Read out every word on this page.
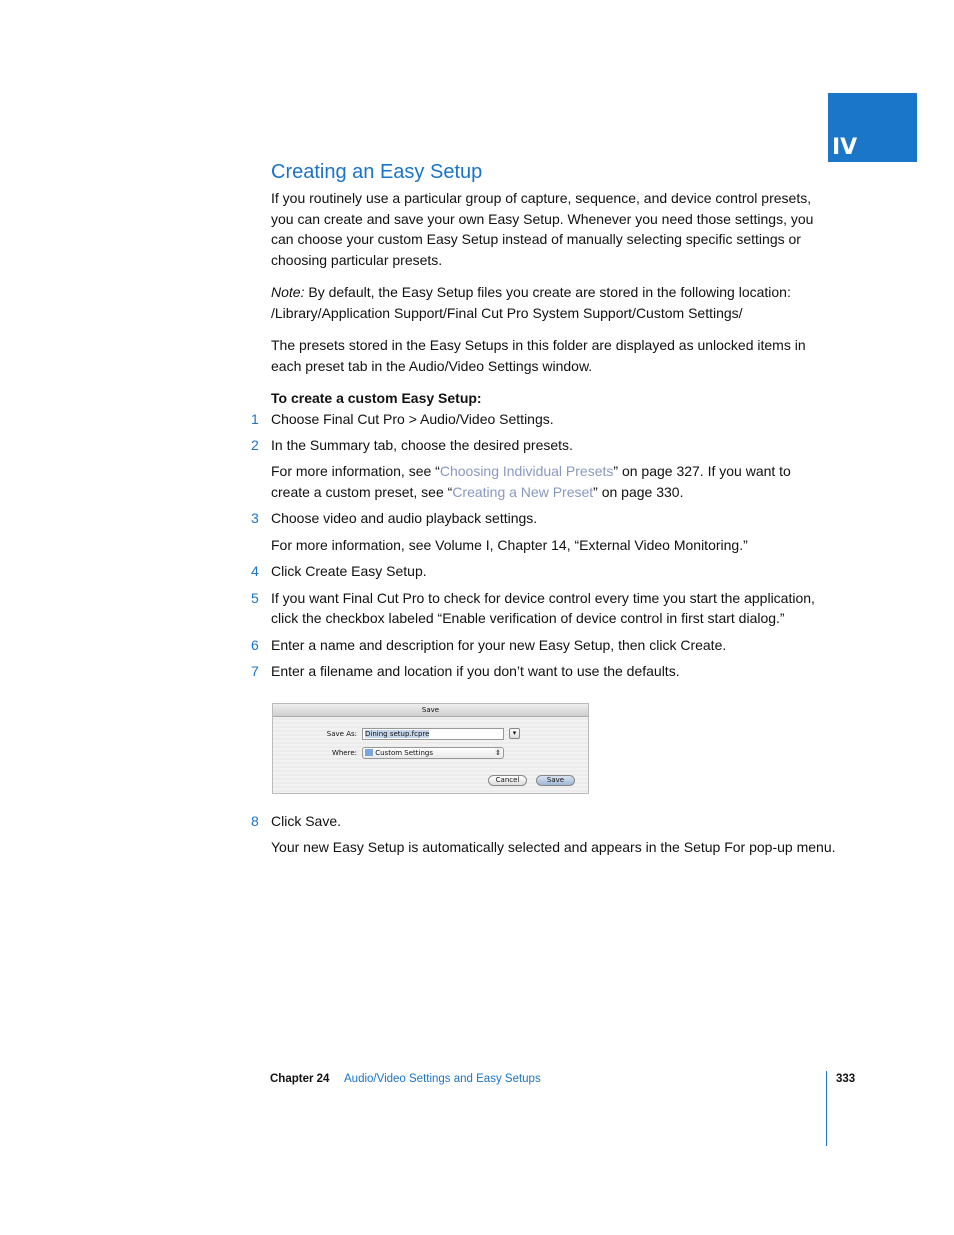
IV
Creating an Easy Setup
If you routinely use a particular group of capture, sequence, and device control presets, you can create and save your own Easy Setup. Whenever you need those settings, you can choose your custom Easy Setup instead of manually selecting specific settings or choosing particular presets.
Note: By default, the Easy Setup files you create are stored in the following location: /Library/Application Support/Final Cut Pro System Support/Custom Settings/
The presets stored in the Easy Setups in this folder are displayed as unlocked items in each preset tab in the Audio/Video Settings window.
To create a custom Easy Setup:
1 Choose Final Cut Pro > Audio/Video Settings.
2 In the Summary tab, choose the desired presets.
For more information, see “Choosing Individual Presets” on page 327. If you want to create a custom preset, see “Creating a New Preset” on page 330.
3 Choose video and audio playback settings.
For more information, see Volume I, Chapter 14, “External Video Monitoring.”
4 Click Create Easy Setup.
5 If you want Final Cut Pro to check for device control every time you start the application, click the checkbox labeled “Enable verification of device control in first start dialog.”
6 Enter a name and description for your new Easy Setup, then click Create.
7 Enter a filename and location if you don’t want to use the defaults.
Save
Save As:	Dining setup.fcpre	▾
Where:	Custom Settings	⇕
Cancel	Save
8 Click Save.
Your new Easy Setup is automatically selected and appears in the Setup For pop-up menu.
Chapter 24 Audio/Video Settings and Easy Setups	333
